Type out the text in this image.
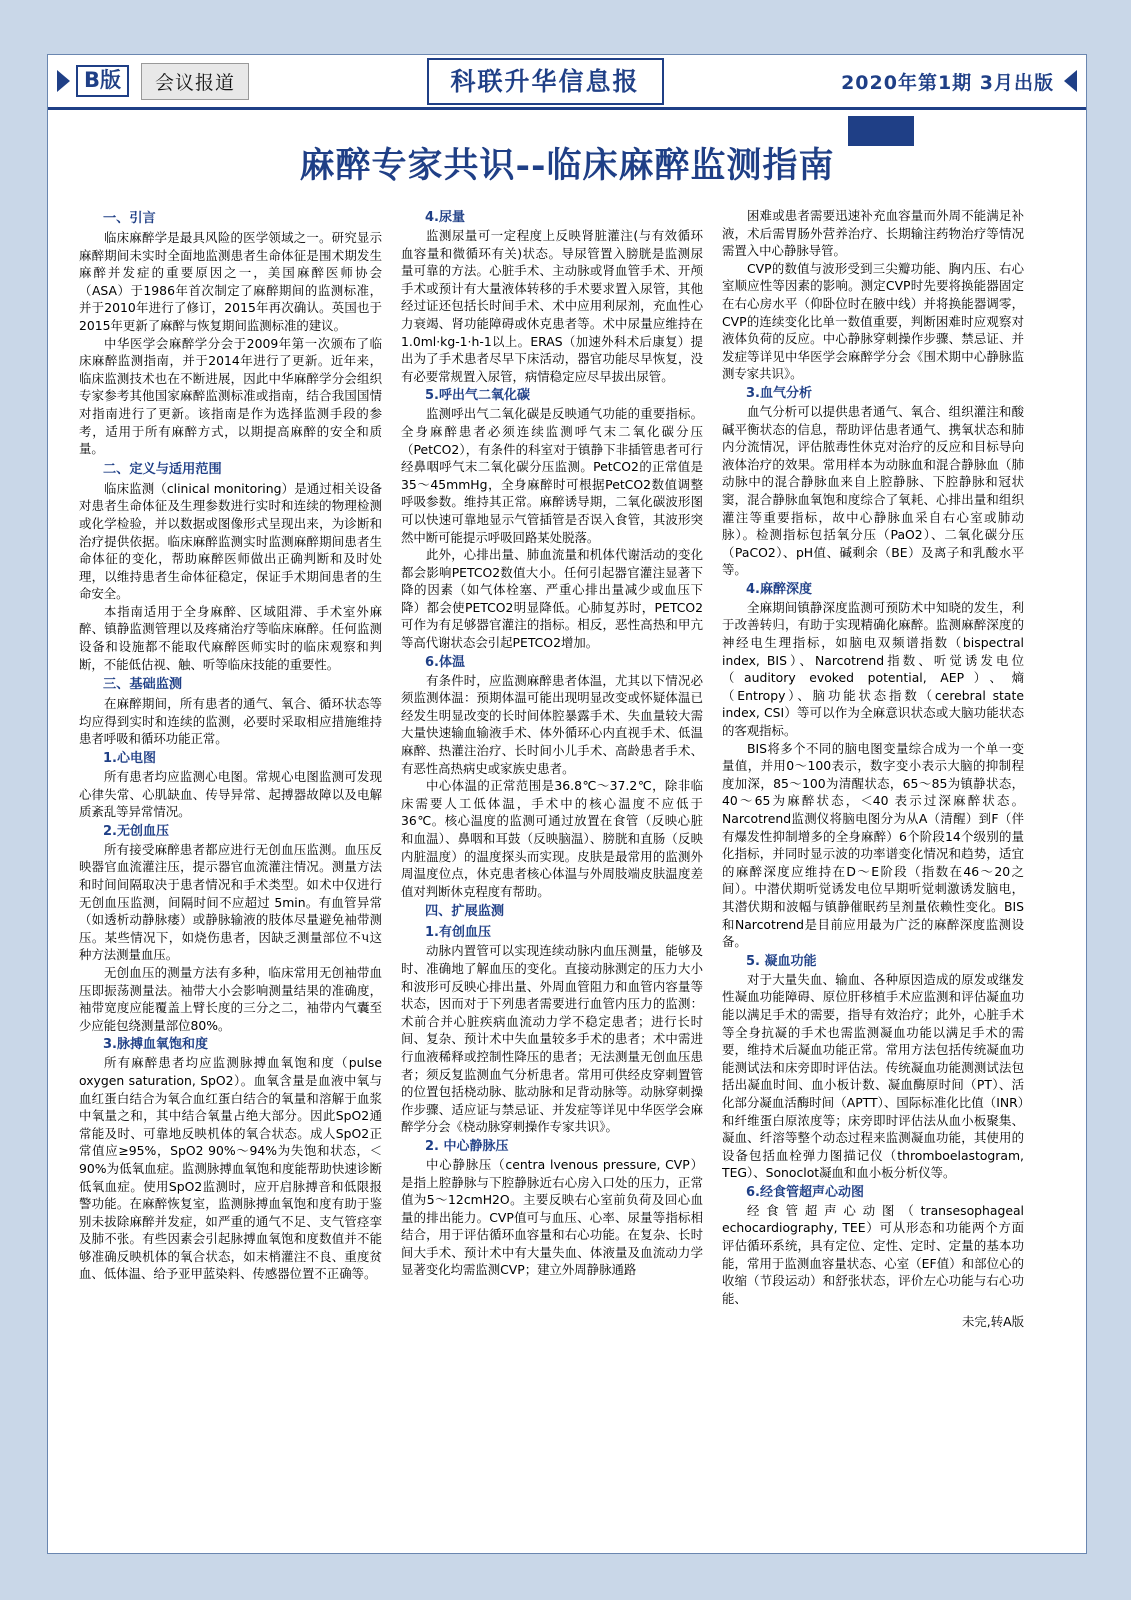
B版	会议报道	科联升华信息报	2020年第1期 3月出版
麻醉专家共识--临床麻醉监测指南
一、引言

临床麻醉学是最具风险的医学领域之一。研究显示麻醉期间未实时全面地监测患者生命体征是围术期发生麻醉并发症的重要原因之一，美国麻醉医师协会（ASA）于1986年首次制定了麻醉期间的监测标准，并于2010年进行了修订，2015年再次确认。英国也于2015年更新了麻醉与恢复期间监测标准的建议。

中华医学会麻醉学分会于2009年第一次颁布了临床麻醉监测指南，并于2014年进行了更新。近年来，临床监测技术也在不断进展，因此中华麻醉学分会组织专家参考其他国家麻醉监测标准或指南，结合我国国情对指南进行了更新。该指南是作为选择监测手段的参考，适用于所有麻醉方式，以期提高麻醉的安全和质量。

二、定义与适用范围

临床监测（clinical monitoring）是通过相关设备对患者生命体征及生理参数进行实时和连续的物理检测或化学检验，并以数据或图像形式呈现出来，为诊断和治疗提供依据。临床麻醉监测实时监测麻醉期间患者生命体征的变化，帮助麻醉医师做出正确判断和及时处理，以维持患者生命体征稳定，保证手术期间患者的生命安全。

本指南适用于全身麻醉、区域阻滞、手术室外麻醉、镇静监测管理以及疼痛治疗等临床麻醉。任何监测设备和设施都不能取代麻醉医师实时的临床观察和判断，不能低估视、触、听等临床技能的重要性。

三、基础监测

在麻醉期间，所有患者的通气、氧合、循环状态等均应得到实时和连续的监测，必要时采取相应措施维持患者呼吸和循环功能正常。

1.心电图

所有患者均应监测心电图。常规心电图监测可发现心律失常、心肌缺血、传导异常、起搏器故障以及电解质紊乱等异常情况。

2.无创血压

所有接受麻醉患者都应进行无创血压监测。血压反映器官血流灌注压，提示器官血流灌注情况。测量方法和时间间隔取决于患者情况和手术类型。如术中仅进行无创血压监测，间隔时间不应超过 5min。有血管异常（如透析动静脉瘘）或静脉输液的肢体尽量避免袖带测压。某些情况下，如烧伤患者，因缺乏测量部位不પ这种方法测量血压。

无创血压的测量方法有多种，临床常用无创袖带血压即振荡测量法。袖带大小会影响测量结果的准确度，袖带宽度应能覆盖上臂长度的三分之二，袖带内气囊至少应能包绕测量部位80%。

3.脉搏血氧饱和度

所有麻醉患者均应监测脉搏血氧饱和度（pulse oxygen saturation, SpO2）。血氧含量是血液中氧与血红蛋白结合为氧合血红蛋白结合的氧量和溶解于血浆中氧量之和，其中结合氧量占绝大部分。因此SpO2通常能及时、可靠地反映机体的氧合状态。成人SpO2正常值应≥95%，SpO2 90%～94%为失饱和状态，＜ 90%为低氧血症。监测脉搏血氧饱和度能帮助快速诊断低氧血症。使用SpO2监测时，应开启脉搏音和低限报警功能。在麻醉恢复室，监测脉搏血氧饱和度有助于鉴别未拔除麻醉并发症，如严重的通气不足、支气管痉挛及肺不张。有些因素会引起脉搏血氧饱和度数值并不能够准确反映机体的氧合状态，如末梢灌注不良、重度贫血、低体温、给予亚甲蓝染料、传感器位置不正确等。

4.尿量

监测尿量可一定程度上反映肾脏灌注(与有效循环血容量和微循环有关)状态。导尿管置入膀胱是监测尿量可靠的方法。心脏手术、主动脉或肾血管手术、开颅手术或预计有大量液体转移的手术要求置入尿管，其他经过证还包括长时间手术、术中应用利尿剂，充血性心力衰竭、肾功能障碍或休克患者等。术中尿量应维持在1.0ml·kg-1·h-1以上。ERAS（加速外科术后康复）提出为了手术患者尽早下床活动，器官功能尽早恢复，没有必要常规置入尿管，病情稳定应尽早拔出尿管。

5.呼出气二氧化碳

监测呼出气二氧化碳是反映通气功能的重要指标。全身麻醉患者必须连续监测呼气末二氧化碳分压（PetCO2），有条件的科室对于镇静下非插管患者可行经鼻咽呼气末二氧化碳分压监测。PetCO2的正常值是35～45mmHg，全身麻醉时可根据PetCO2数值调整呼吸参数。维持其正常。麻醉诱导期，二氧化碳波形图可以快速可靠地显示气管插管是否误入食管，其波形突然中断可能提示呼吸回路某处脱落。

此外，心排出量、肺血流量和机体代谢活动的变化都会影响PETCO2数值大小。任何引起器官灌注显著下降的因素（如气体栓塞、严重心排出量减少或血压下降）都会使PETCO2明显降低。心肺复苏时，PETCO2可作为有足够器官灌注的指标。相反，恶性高热和甲亢等高代谢状态会引起PETCO2增加。

6.体温

有条件时，应监测麻醉患者体温，尤其以下情况必须监测体温：预期体温可能出现明显改变或怀疑体温已经发生明显改变的长时间体腔暴露手术、失血量较大需大量快速输血输液手术、体外循环心内直视手术、低温麻醉、热灌注治疗、长时间小儿手术、高龄患者手术、有恶性高热病史或家族史患者。

中心体温的正常范围是36.8℃～37.2℃，除非临床需要人工低体温，手术中的核心温度不应低于36℃。核心温度的监测可通过放置在食管（反映心脏和血温）、鼻咽和耳鼓（反映脑温）、膀胱和直肠（反映内脏温度）的温度探头而实现。皮肤是最常用的监测外周温度位点，休克患者核心体温与外周肢端皮肤温度差值对判断休克程度有帮助。

四、扩展监测
1.有创血压

动脉内置管可以实现连续动脉内血压测量，能够及时、准确地了解血压的变化。直接动脉测定的压力大小和波形可反映心排出量、外周血管阻力和血管内容量等状态，因而对于下列患者需要进行血管内压力的监测：术前合并心脏疾病血流动力学不稳定患者；进行长时间、复杂、预计术中失血量较多手术的患者；术中需进行血液稀释或控制性降压的患者；无法测量无创血压患者；须反复监测血气分析患者。常用可供经皮穿刺置管的位置包括桡动脉、肱动脉和足背动脉等。动脉穿刺操作步骤、适应证与禁忌证、并发症等详见中华医学会麻醉学分会《桡动脉穿刺操作专家共识》。

2. 中心静脉压

中心静脉压（centra lvenous pressure, CVP）是指上腔静脉与下腔静脉近右心房入口处的压力，正常值为5～12cmH2O。主要反映右心室前负荷及回心血量的排出能力。CVP值可与血压、心率、尿量等指标相结合，用于评估循环血容量和右心功能。在复杂、长时间大手术、预计术中有大量失血、体液量及血流动力学显著变化均需监测CVP；建立外周静脉通路

困难或患者需要迅速补充血容量而外周不能满足补液，术后需胃肠外营养治疗、长期输注药物治疗等情况需置入中心静脉导管。

CVP的数值与波形受到三尖瓣功能、胸内压、右心室顺应性等因素的影响。测定CVP时先要将换能器固定在右心房水平（仰卧位时在腋中线）并将换能器调零，CVP的连续变化比单一数值重要，判断困难时应观察对液体负荷的反应。中心静脉穿刺操作步骤、禁忌证、并发症等详见中华医学会麻醉学分会《围术期中心静脉监测专家共识》。

3.血气分析

血气分析可以提供患者通气、氧合、组织灌注和酸碱平衡状态的信息，帮助评估患者通气、携氧状态和肺内分流情况，评估脓毒性休克对治疗的反应和目标导向液体治疗的效果。常用样本为动脉血和混合静脉血（肺动脉中的混合静脉血来自上腔静脉、下腔静脉和冠状窦，混合静脉血氧饱和度综合了氧耗、心排出量和组织灌注等重要指标，故中心静脉血采自右心室或肺动脉）。检测指标包括氧分压（PaO2）、二氧化碳分压（PaCO2）、pH值、碱剩余（BE）及离子和乳酸水平等。

4.麻醉深度

全麻期间镇静深度监测可预防术中知晓的发生，利于改善转归，有助于实现精确化麻醉。监测麻醉深度的神经电生理指标，如脑电双频谱指数（bispectral index, BIS）、Narcotrend指数、听觉诱发电位（auditory evoked potential, AEP）、熵（Entropy）、脑功能状态指数（cerebral state index, CSI）等可以作为全麻意识状态或大脑功能状态的客观指标。

BIS将多个不同的脑电图变量综合成为一个单一变量值，并用0～100表示，数字变小表示大脑的抑制程度加深，85～100为清醒状态，65～85为镇静状态，40～65为麻醉状态，＜40 表示过深麻醉状态。Narcotrend监测仪将脑电图分为从A（清醒）到F（伴有爆发性抑制增多的全身麻醉）6个阶段14个级别的量化指标，并同时显示波的功率谱变化情况和趋势，适宜的麻醉深度应维持在D～E阶段（指数在46～20之间）。中潜伏期听觉诱发电位早期听觉刺激诱发脑电，其潜伏期和波幅与镇静催眠药呈剂量依赖性变化。BIS和Narcotrend是目前应用最为广泛的麻醉深度监测设备。

5. 凝血功能

对于大量失血、输血、各种原因造成的原发或继发性凝血功能障碍、原位肝移植手术应监测和评估凝血功能以满足手术的需要，指导有效治疗；此外，心脏手术等全身抗凝的手术也需监测凝血功能以满足手术的需要，维持术后凝血功能正常。常用方法包括传统凝血功能测试法和床旁即时评估法。传统凝血功能测测试法包括出凝血时间、血小板计数、凝血酶原时间（PT）、活化部分凝血活酶时间（APTT）、国际标准化比值（INR）和纤维蛋白原浓度等；床旁即时评估法从血小板聚集、凝血、纤溶等整个动态过程来监测凝血功能，其使用的设备包括血栓弹力图描记仪（thromboelastogram, TEG）、Sonoclot凝血和血小板分析仪等。

6.经食管超声心动图

经食管超声心动图（transesophageal echocardiography, TEE）可从形态和功能两个方面评估循环系统，具有定位、定性、定时、定量的基本功能，常用于监测血容量状态、心室（EF值）和部位心的收缩（节段运动）和舒张状态，评价左心功能与右心功能、

未完,转A版
